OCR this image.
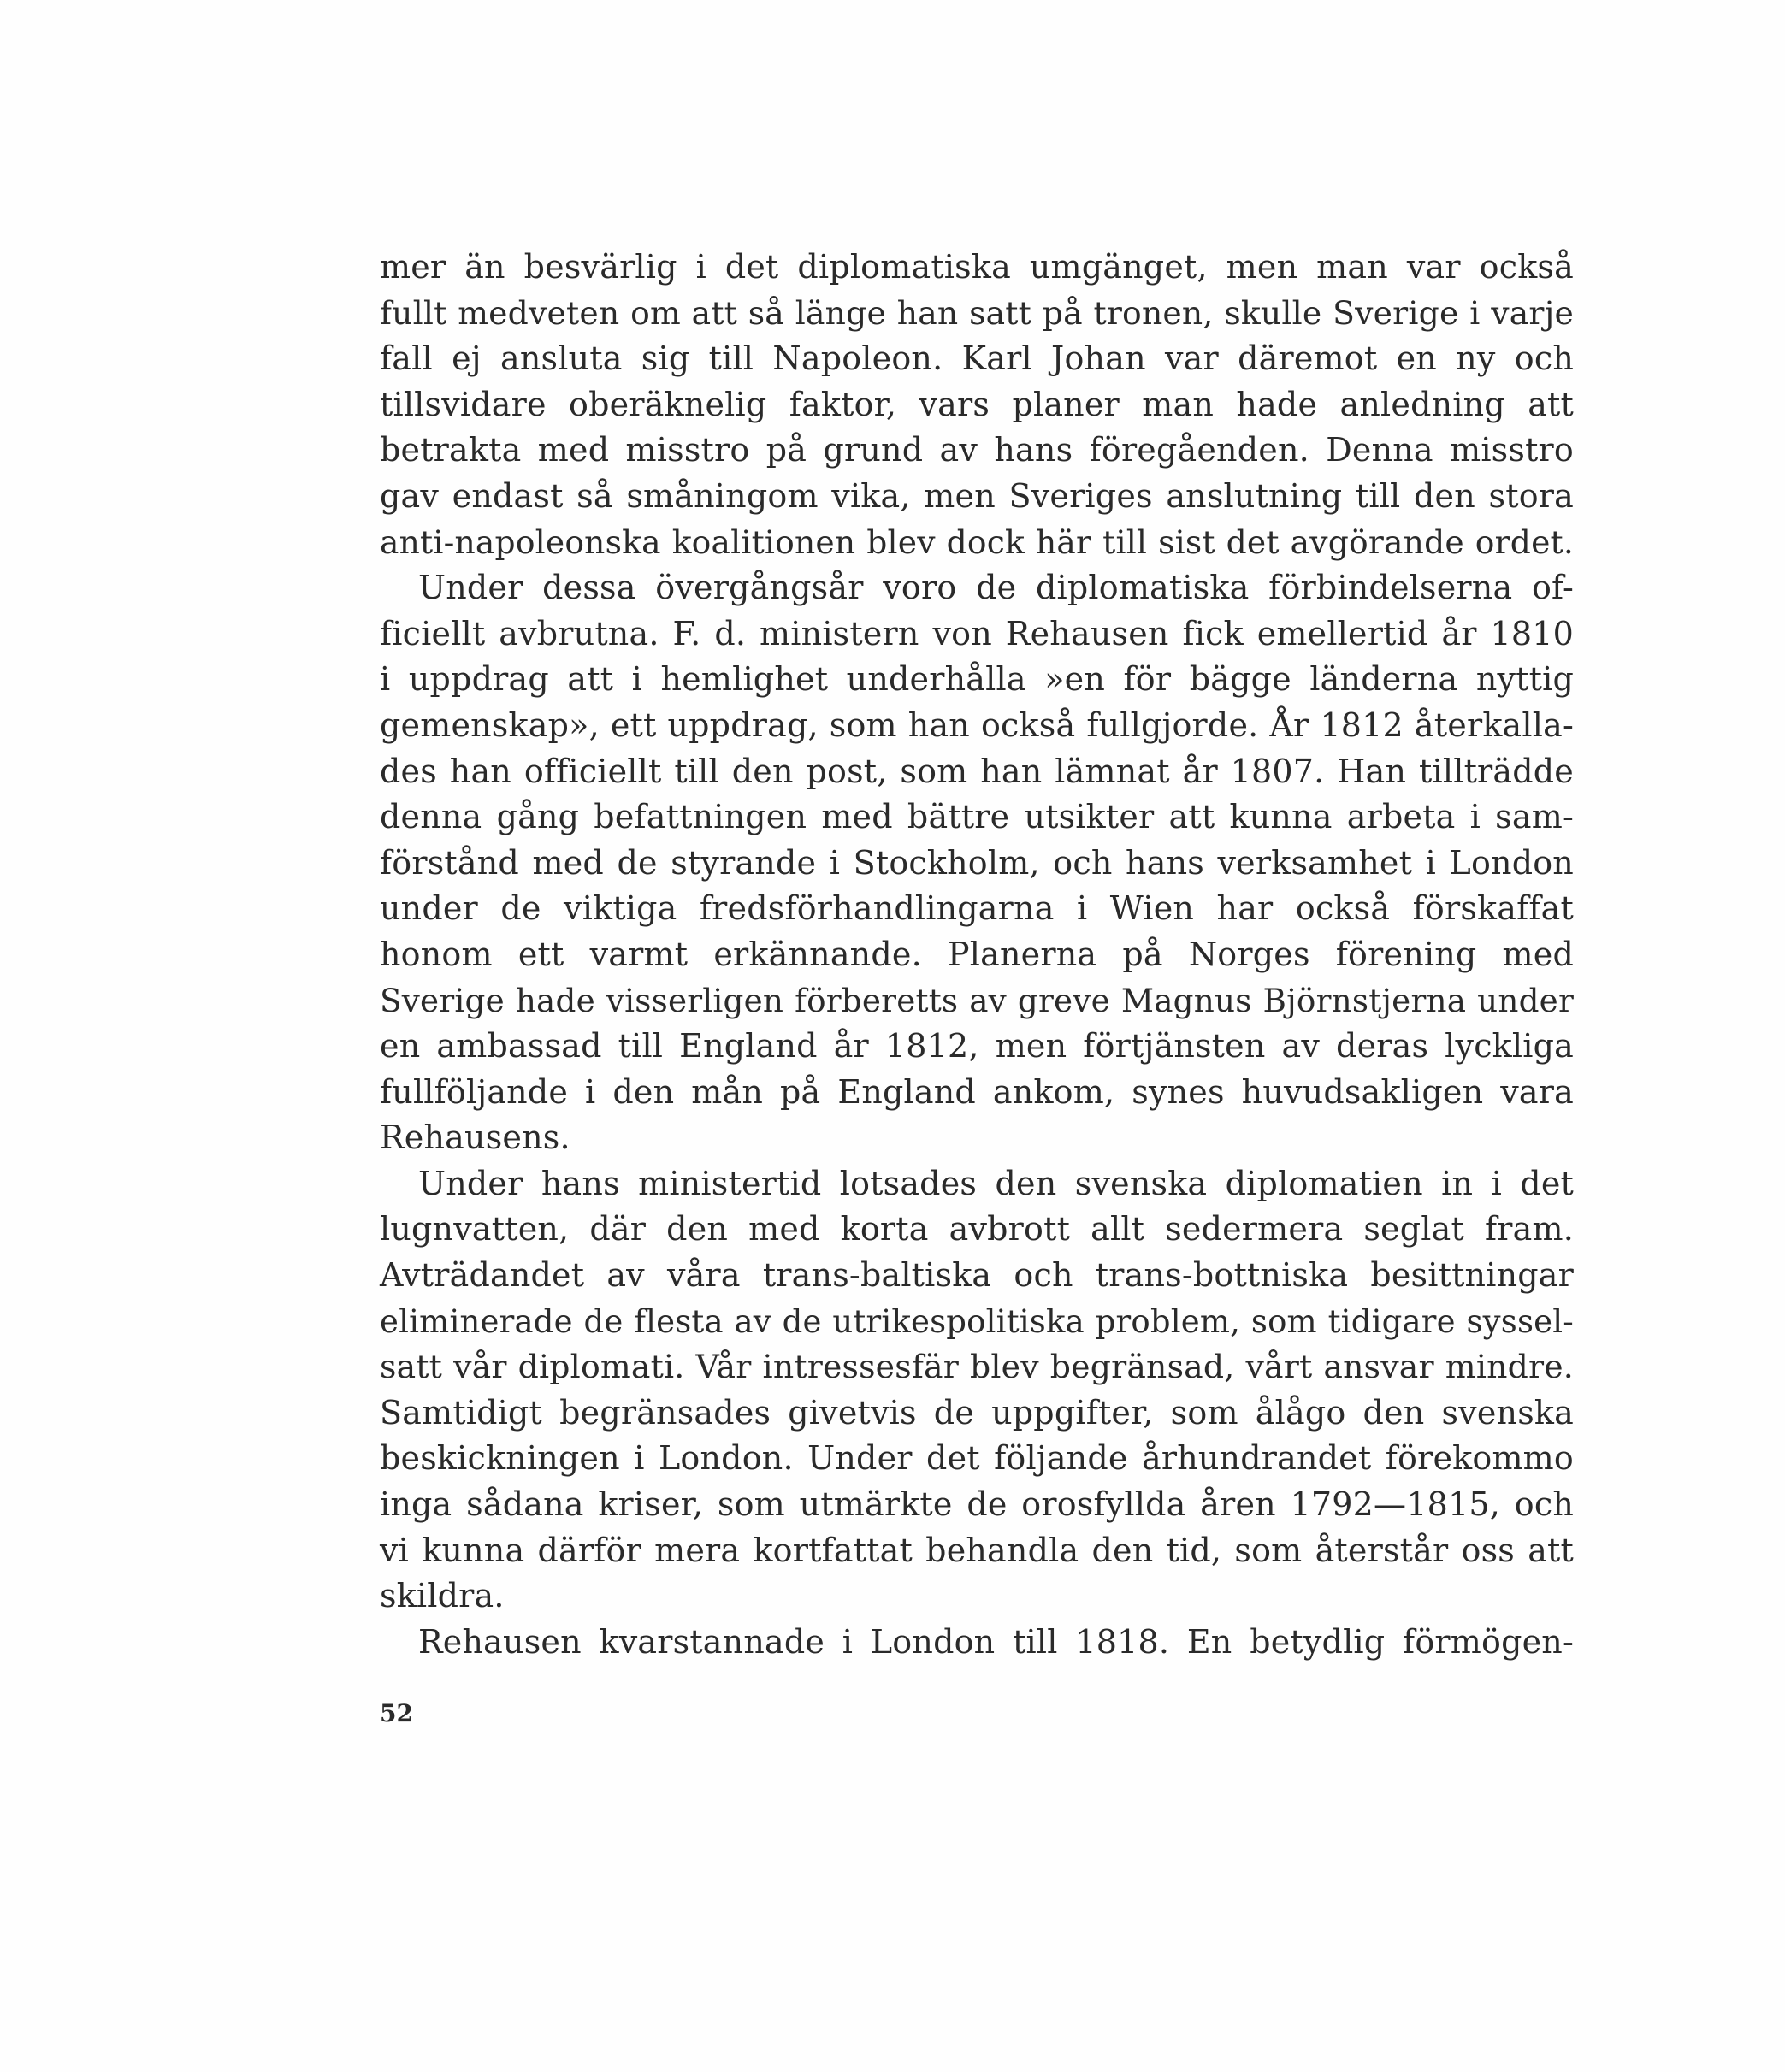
mer än besvärlig i det diplomatiska umgänget, men man var också
fullt medveten om att så länge han satt på tronen, skulle Sverige i varje
fall ej ansluta sig till Napoleon. Karl Johan var däremot en ny och
tillsvidare oberäknelig faktor, vars planer man hade anledning att
betrakta med misstro på grund av hans föregåenden. Denna misstro
gav endast så småningom vika, men Sveriges anslutning till den stora
anti-napoleonska koalitionen blev dock här till sist det avgörande ordet.
Under dessa övergångsår voro de diplomatiska förbindelserna of-
ficiellt avbrutna. F. d. ministern von Rehausen fick emellertid år 1810
i uppdrag att i hemlighet underhålla »en för bägge länderna nyttig
gemenskap», ett uppdrag, som han också fullgjorde. År 1812 återkalla-
des han officiellt till den post, som han lämnat år 1807. Han tillträdde
denna gång befattningen med bättre utsikter att kunna arbeta i sam-
förstånd med de styrande i Stockholm, och hans verksamhet i London
under de viktiga fredsförhandlingarna i Wien har också förskaffat
honom ett varmt erkännande. Planerna på Norges förening med
Sverige hade visserligen förberetts av greve Magnus Björnstjerna under
en ambassad till England år 1812, men förtjänsten av deras lyckliga
fullföljande i den mån på England ankom, synes huvudsakligen vara
Rehausens.
Under hans ministertid lotsades den svenska diplomatien in i det
lugnvatten, där den med korta avbrott allt sedermera seglat fram.
Avträdandet av våra trans-baltiska och trans-bottniska besittningar
eliminerade de flesta av de utrikespolitiska problem, som tidigare syssel-
satt vår diplomati. Vår intressesfär blev begränsad, vårt ansvar mindre.
Samtidigt begränsades givetvis de uppgifter, som ålågo den svenska
beskickningen i London. Under det följande århundrandet förekommo
inga sådana kriser, som utmärkte de orosfyllda åren 1792—1815, och
vi kunna därför mera kortfattat behandla den tid, som återstår oss att
skildra.
Rehausen kvarstannade i London till 1818. En betydlig förmögen-
52
